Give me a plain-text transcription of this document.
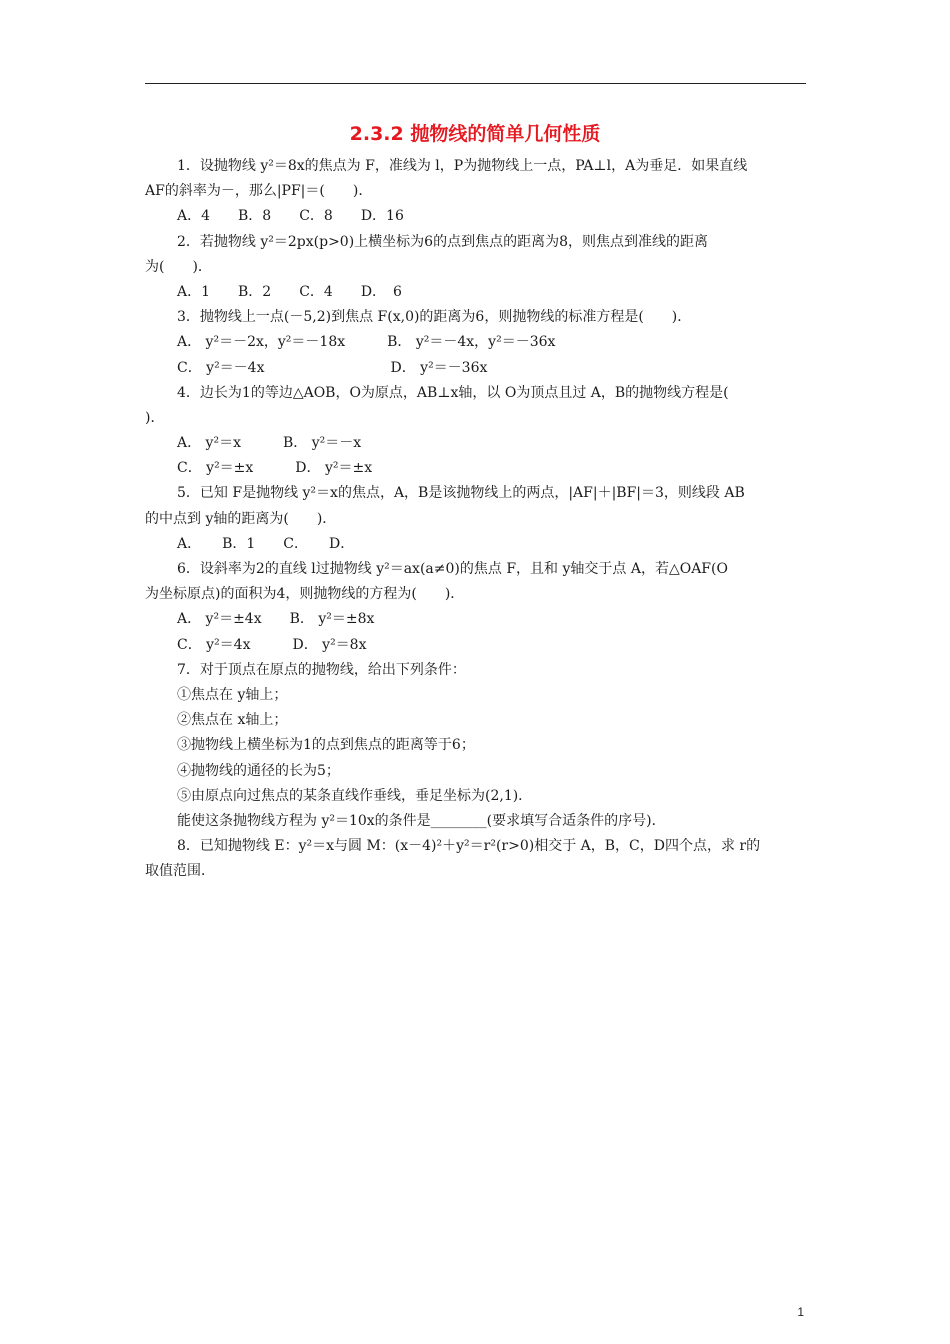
2.3.2 抛物线的简单几何性质
1．设抛物线 y²＝8x的焦点为 F，准线为 l，P为抛物线上一点，PA⊥l，A为垂足．如果直线
AF的斜率为－，那么|PF|＝(　　)．
A．4　　B．8　　C．8　　D．16
2．若抛物线 y²＝2px(p>0)上横坐标为6的点到焦点的距离为8，则焦点到准线的距离
为(　　)．
A．1　　B．2　　C．4　　D．　6
3．抛物线上一点(－5,2)到焦点 F(x,0)的距离为6，则抛物线的标准方程是(　　)．
A． y²＝－2x，y²＝－18x　　　B． y²＝－4x，y²＝－36x
C． y²＝－4x　　　　　　　　　D． y²＝－36x
4．边长为1的等边△AOB，O为原点，AB⊥x轴，以 O为顶点且过 A，B的抛物线方程是(
)．
A． y²＝x　　　B． y²＝－x
C． y²＝±x　　　D． y²＝±x
5．已知 F是抛物线 y²＝x的焦点，A，B是该抛物线上的两点，|AF|＋|BF|＝3，则线段 AB
的中点到 y轴的距离为(　　)．
A．　　B．1　　C．　　D．
6．设斜率为2的直线 l过抛物线 y²＝ax(a≠0)的焦点 F，且和 y轴交于点 A，若△OAF(O
为坐标原点)的面积为4，则抛物线的方程为(　　)．
A． y²＝±4x　　B． y²＝±8x
C． y²＝4x　　　D． y²＝8x
7．对于顶点在原点的抛物线，给出下列条件：
①焦点在 y轴上；
②焦点在 x轴上；
③抛物线上横坐标为1的点到焦点的距离等于6；
④抛物线的通径的长为5；
⑤由原点向过焦点的某条直线作垂线，垂足坐标为(2,1)．
能使这条抛物线方程为 y²＝10x的条件是________(要求填写合适条件的序号)．
8．已知抛物线 E：y²＝x与圆 M：(x－4)²＋y²＝r²(r>0)相交于 A，B，C，D四个点，求 r的
取值范围．
1
